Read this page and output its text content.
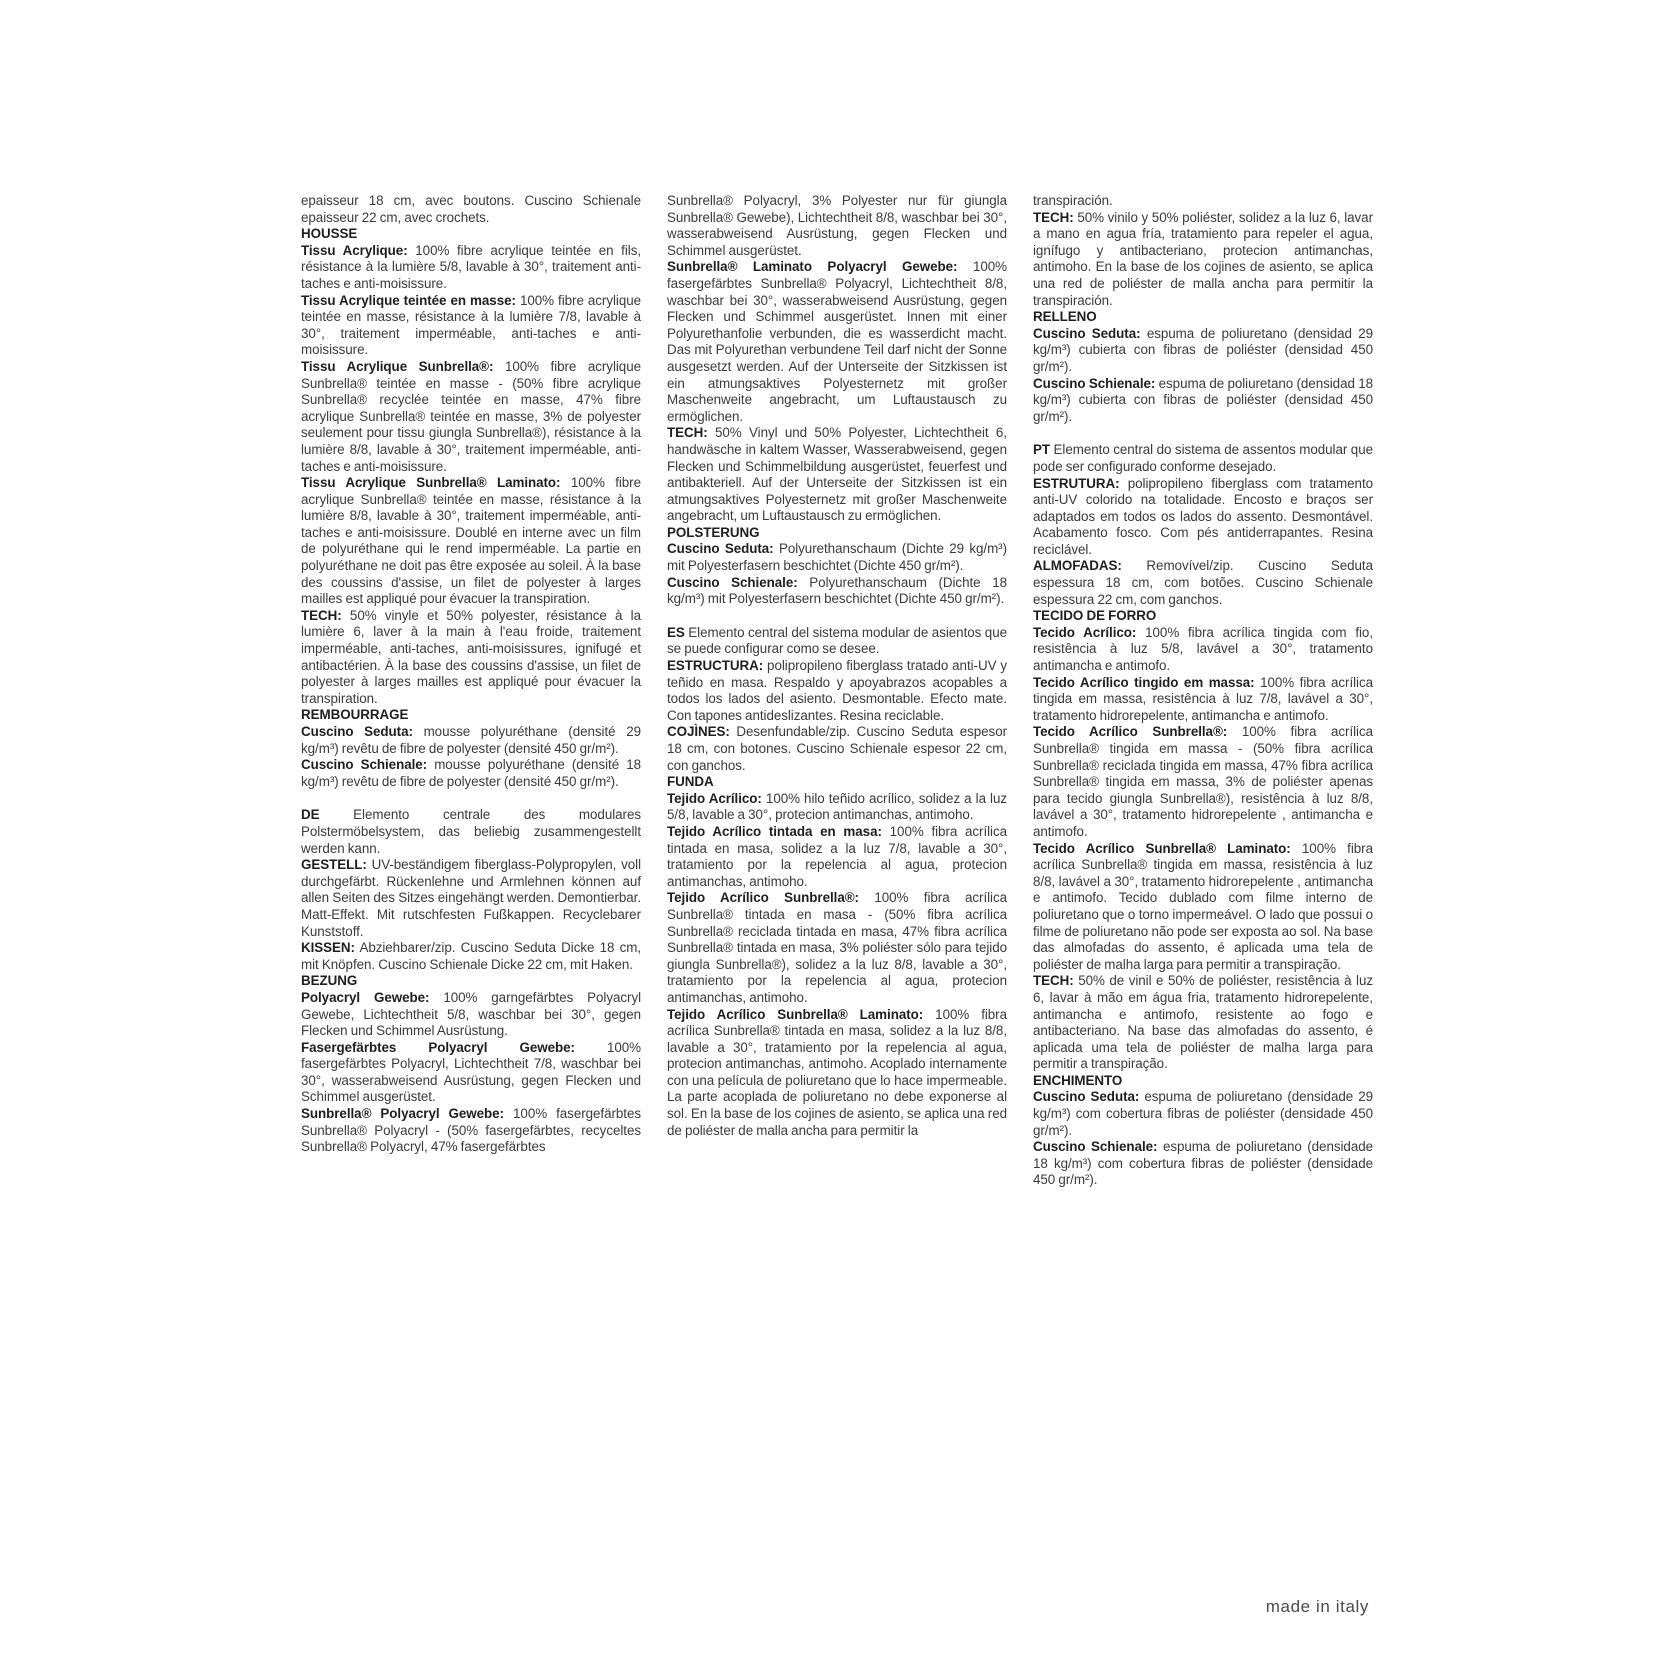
epaisseur 18 cm, avec boutons. Cuscino Schienale epaisseur 22 cm, avec crochets.

HOUSSE

Tissu Acrylique: 100% fibre acrylique teintée en fils, résistance à la lumière 5/8, lavable à 30°, traitement anti-taches e anti-moisissure.

Tissu Acrylique teintée en masse: 100% fibre acrylique teintée en masse, résistance à la lumière 7/8, lavable à 30°, traitement imperméable, anti-taches e anti-moisissure.

Tissu Acrylique Sunbrella®: 100% fibre acrylique Sunbrella® teintée en masse - (50% fibre acrylique Sunbrella® recyclée teintée en masse, 47% fibre acrylique Sunbrella® teintée en masse, 3% de polyester seulement pour tissu giungla Sunbrella®), résistance à la lumière 8/8, lavable à 30°, traitement imperméable, anti-taches e anti-moisissure.

Tissu Acrylique Sunbrella® Laminato: 100% fibre acrylique Sunbrella® teintée en masse, résistance à la lumière 8/8, lavable à 30°, traitement imperméable, anti-taches e anti-moisissure. Doublé en interne avec un film de polyuréthane qui le rend imperméable. La partie en polyuréthane ne doit pas être exposée au soleil. À la base des coussins d'assise, un filet de polyester à larges mailles est appliqué pour évacuer la transpiration.

TECH: 50% vinyle et 50% polyester, résistance à la lumière 6, laver à la main à l'eau froide, traitement imperméable, anti-taches, anti-moisissures, ignifugé et antibactérien. À la base des coussins d'assise, un filet de polyester à larges mailles est appliqué pour évacuer la transpiration.

REMBOURRAGE

Cuscino Seduta: mousse polyuréthane (densité 29 kg/m³) revêtu de fibre de polyester (densité 450 gr/m²).

Cuscino Schienale: mousse polyuréthane (densité 18 kg/m³) revêtu de fibre de polyester (densité 450 gr/m²).

DE	Elemento centrale des modulares Polstermöbelsystem, das beliebig zusammengestellt werden kann.

GESTELL: UV-beständigem fiberglass-Polypropylen, voll durchgefärbt. Rückenlehne und Armlehnen können auf allen Seiten des Sitzes eingehängt werden. Demontierbar. Matt-Effekt. Mit rutschfesten Fußkappen. Recyclebarer Kunststoff.

KISSEN: Abziehbarer/zip. Cuscino Seduta Dicke 18 cm, mit Knöpfen. Cuscino Schienale Dicke 22 cm, mit Haken.

BEZUNG

Polyacryl Gewebe: 100% garngefärbtes Polyacryl Gewebe, Lichtechtheit 5/8, waschbar bei 30°, gegen Flecken und Schimmel Ausrüstung.

Fasergefärbtes Polyacryl Gewebe: 100% fasergefärbtes Polyacryl, Lichtechtheit 7/8, waschbar bei 30°, wasserabweisend Ausrüstung, gegen Flecken und Schimmel ausgerüstet.

Sunbrella® Polyacryl Gewebe: 100% fasergefärbtes Sunbrella® Polyacryl - (50% fasergefärbtes, recyceltes Sunbrella® Polyacryl, 47% fasergefärbtes

Sunbrella® Polyacryl, 3% Polyester nur für giungla Sunbrella® Gewebe), Lichtechtheit 8/8, waschbar bei 30°, wasserabweisend Ausrüstung, gegen Flecken und Schimmel ausgerüstet.

Sunbrella® Laminato Polyacryl Gewebe: 100% fasergefärbtes Sunbrella® Polyacryl, Lichtechtheit 8/8, waschbar bei 30°, wasserabweisend Ausrüstung, gegen Flecken und Schimmel ausgerüstet. Innen mit einer Polyurethanfolie verbunden, die es wasserdicht macht. Das mit Polyurethan verbundene Teil darf nicht der Sonne ausgesetzt werden. Auf der Unterseite der Sitzkissen ist ein atmungsaktives Polyesternetz mit großer Maschenweite angebracht, um Luftaustausch zu ermöglichen.

TECH: 50% Vinyl und 50% Polyester, Lichtechtheit 6, handwäsche in kaltem Wasser, Wasserabweisend, gegen Flecken und Schimmelbildung ausgerüstet, feuerfest und antibakteriell. Auf der Unterseite der Sitzkissen ist ein atmungsaktives Polyesternetz mit großer Maschenweite angebracht, um Luftaustausch zu ermöglichen.

POLSTERUNG

Cuscino Seduta: Polyurethanschaum (Dichte 29 kg/m³) mit Polyesterfasern beschichtet (Dichte 450 gr/m²).

Cuscino Schienale: Polyurethanschaum (Dichte 18 kg/m³) mit Polyesterfasern beschichtet (Dichte 450 gr/m²).

ES Elemento central del sistema modular de asientos que se puede configurar como se desee.

ESTRUCTURA: polipropileno fiberglass tratado anti-UV y teñido en masa. Respaldo y apoyabrazos acopables a todos los lados del asiento. Desmontable. Efecto mate. Con tapones antideslizantes. Resina reciclable.

COJÌNES: Desenfundable/zip. Cuscino Seduta espesor 18 cm, con botones. Cuscino Schienale espesor 22 cm, con ganchos.

FUNDA

Tejido Acrílico: 100% hilo teñido acrílico, solidez a la luz 5/8, lavable a 30°, protecion antimanchas, antimoho.

Tejido Acrílico tintada en masa: 100% fibra acrílica tintada en masa, solidez a la luz 7/8, lavable a 30°, tratamiento por la repelencia al agua, protecion antimanchas, antimoho.

Tejido Acrílico Sunbrella®: 100% fibra acrílica Sunbrella® tintada en masa - (50% fibra acrílica Sunbrella® reciclada tintada en masa, 47% fibra acrílica Sunbrella® tintada en masa, 3% poliéster sólo para tejido giungla Sunbrella®), solidez a la luz 8/8, lavable a 30°, tratamiento por la repelencia al agua, protecion antimanchas, antimoho.

Tejido Acrílico Sunbrella® Laminato: 100% fibra acrílica Sunbrella® tintada en masa, solidez a la luz 8/8, lavable a 30°, tratamiento por la repelencia al agua, protecion antimanchas, antimoho. Acoplado internamente con una película de poliuretano que lo hace impermeable. La parte acoplada de poliuretano no debe exponerse al sol. En la base de los cojines de asiento, se aplica una red de poliéster de malla ancha para permitir la

transpiración.

TECH: 50% vinilo y 50% poliéster, solidez a la luz 6, lavar a mano en agua fría, tratamiento para repeler el agua, ignífugo y antibacteriano, protecion antimanchas, antimoho. En la base de los cojines de asiento, se aplica una red de poliéster de malla ancha para permitir la transpiración.

RELLENO

Cuscino Seduta: espuma de poliuretano (densidad 29 kg/m³) cubierta con fibras de poliéster (densidad 450 gr/m²).

Cuscino Schienale: espuma de poliuretano (densidad 18 kg/m³) cubierta con fibras de poliéster (densidad 450 gr/m²).

PT Elemento central do sistema de assentos modular que pode ser configurado conforme desejado.

ESTRUTURA: polipropileno fiberglass com tratamento anti-UV colorido na totalidade. Encosto e braços ser adaptados em todos os lados do assento. Desmontável. Acabamento fosco. Com pés antiderrapantes. Resina reciclável.

ALMOFADAS: Removível/zip. Cuscino Seduta espessura 18 cm, com botões. Cuscino Schienale espessura 22 cm, com ganchos.

TECIDO DE FORRO

Tecido Acrílico: 100% fibra acrílica tingida com fio, resistência à luz 5/8, lavável a 30°, tratamento antimancha e antimofo.

Tecido Acrílico tingido em massa: 100% fibra acrílica tingida em massa, resistência à luz 7/8, lavável a 30°, tratamento hidrorepelente, antimancha e antimofo.

Tecido Acrílico Sunbrella®: 100% fibra acrílica Sunbrella® tingida em massa - (50% fibra acrílica Sunbrella® reciclada tingida em massa, 47% fibra acrílica Sunbrella® tingida em massa, 3% de poliéster apenas para tecido giungla Sunbrella®), resistência à luz 8/8, lavável a 30°, tratamento hidrorepelente , antimancha e antimofo.

Tecido Acrílico Sunbrella® Laminato: 100% fibra acrílica Sunbrella® tingida em massa, resistência à luz 8/8, lavável a 30°, tratamento hidrorepelente , antimancha e antimofo. Tecido dublado com filme interno de poliuretano que o torno impermeável. O lado que possui o filme de poliuretano não pode ser exposta ao sol. Na base das almofadas do assento, é aplicada uma tela de poliéster de malha larga para permitir a transpiração.

TECH: 50% de vinil e 50% de poliéster, resistência à luz 6, lavar à mão em água fria, tratamento hidrorepelente, antimancha e antimofo, resistente ao fogo e antibacteriano. Na base das almofadas do assento, é aplicada uma tela de poliéster de malha larga para permitir a transpiração.

ENCHIMENTO

Cuscino Seduta: espuma de poliuretano (densidade 29 kg/m³) com cobertura fibras de poliéster (densidade 450 gr/m²).

Cuscino Schienale: espuma de poliuretano (densidade 18 kg/m³) com cobertura fibras de poliéster (densidade 450 gr/m²).

made in italy
